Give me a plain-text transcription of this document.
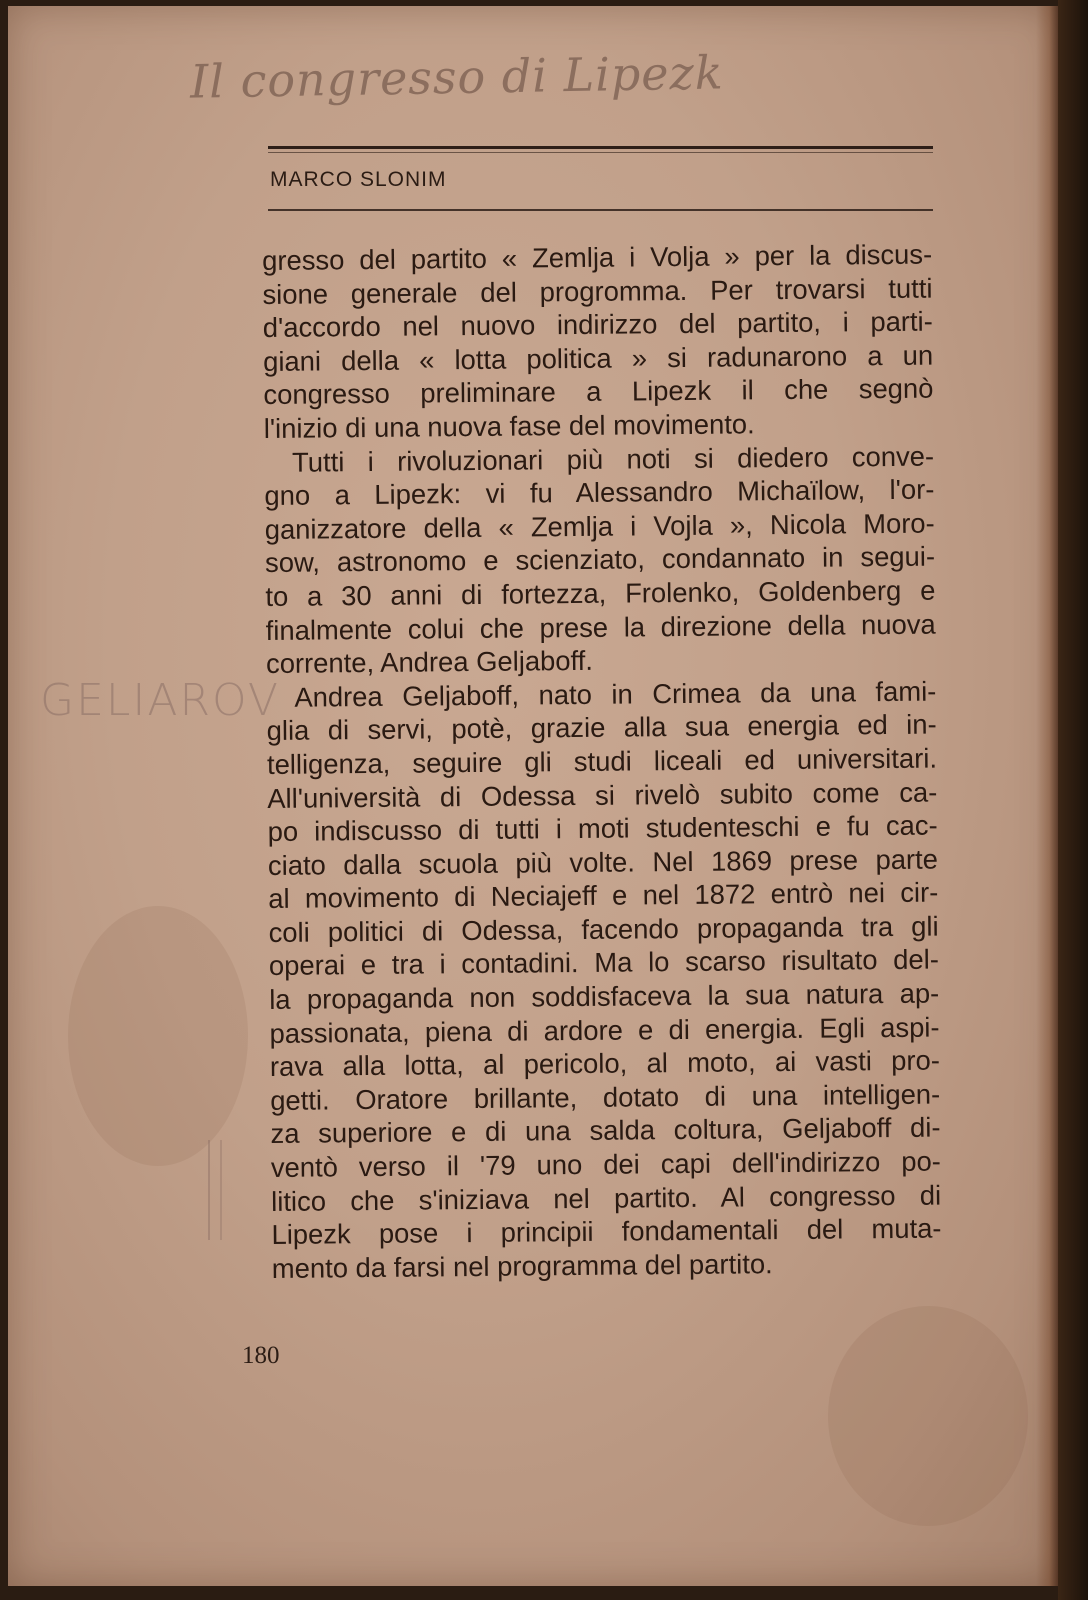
Il congresso di Lipezk
GELIAROV
MARCO SLONIM
gresso del partito « Zemlja i Volja » per la discus-
sione generale del progromma. Per trovarsi tutti
d'accordo nel nuovo indirizzo del partito, i parti-
giani della « lotta politica » si radunarono a un
congresso preliminare a Lipezk il che segnò
l'inizio di una nuova fase del movimento.
Tutti i rivoluzionari più noti si diedero conve-
gno a Lipezk: vi fu Alessandro Michaïlow, l'or-
ganizzatore della « Zemlja i Vojla », Nicola Moro-
sow, astronomo e scienziato, condannato in segui-
to a 30 anni di fortezza, Frolenko, Goldenberg e
finalmente colui che prese la direzione della nuova
corrente, Andrea Geljaboff.
Andrea Geljaboff, nato in Crimea da una fami-
glia di servi, potè, grazie alla sua energia ed in-
telligenza, seguire gli studi liceali ed universitari.
All'università di Odessa si rivelò subito come ca-
po indiscusso di tutti i moti studenteschi e fu cac-
ciato dalla scuola più volte. Nel 1869 prese parte
al movimento di Neciajeff e nel 1872 entrò nei cir-
coli politici di Odessa, facendo propaganda tra gli
operai e tra i contadini. Ma lo scarso risultato del-
la propaganda non soddisfaceva la sua natura ap-
passionata, piena di ardore e di energia. Egli aspi-
rava alla lotta, al pericolo, al moto, ai vasti pro-
getti. Oratore brillante, dotato di una intelligen-
za superiore e di una salda coltura, Geljaboff di-
ventò verso il '79 uno dei capi dell'indirizzo po-
litico che s'iniziava nel partito. Al congresso di
Lipezk pose i principii fondamentali del muta-
mento da farsi nel programma del partito.
180
